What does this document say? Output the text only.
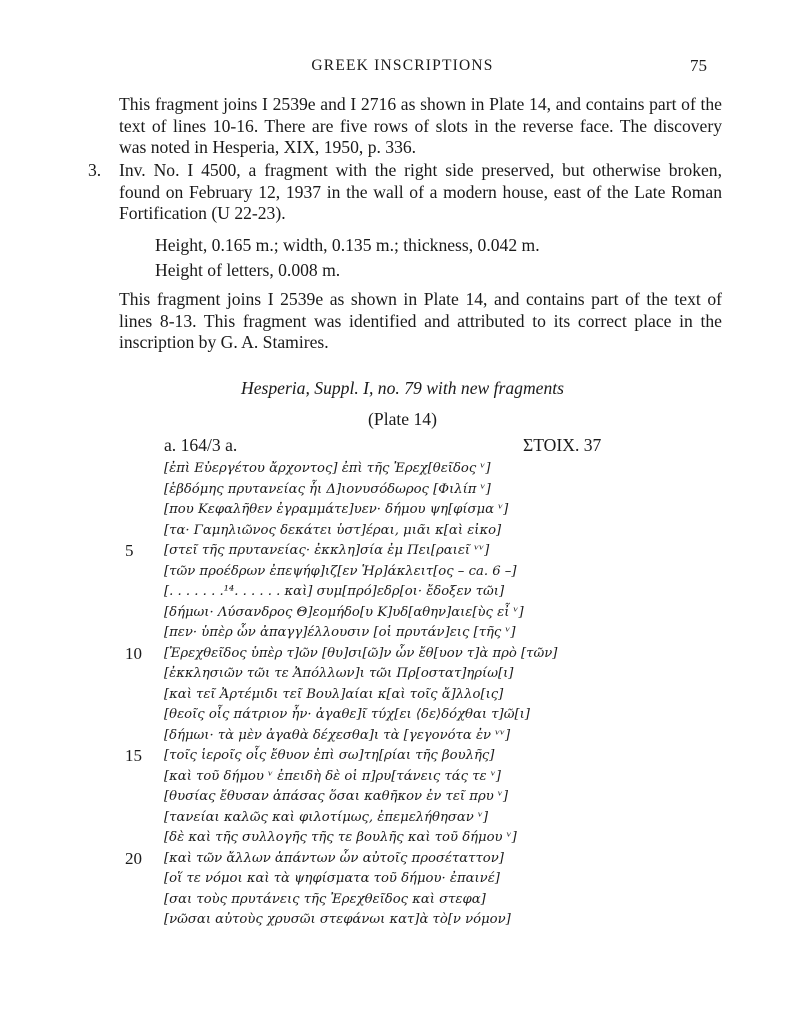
GREEK INSCRIPTIONS	75
This fragment joins I 2539e and I 2716 as shown in Plate 14, and contains part of the text of lines 10-16. There are five rows of slots in the reverse face. The discovery was noted in Hesperia, XIX, 1950, p. 336.
3. Inv. No. I 4500, a fragment with the right side preserved, but otherwise broken, found on February 12, 1937 in the wall of a modern house, east of the Late Roman Fortification (U 22-23).
Height, 0.165 m.; width, 0.135 m.; thickness, 0.042 m.
Height of letters, 0.008 m.
This fragment joins I 2539e as shown in Plate 14, and contains part of the text of lines 8-13. This fragment was identified and attributed to its correct place in the inscription by G. A. Stamires.
Hesperia, Suppl. I, no. 79 with new fragments
(Plate 14)
a. 164/3 a.	ΣΤΟΙΧ. 37
5
10
15
20
[ἐπὶ Εὐεργέτου ἄρχοντος] ἐπὶ τῆς Ἐρεχ[θεῖδος ᵛ]
[ἑβδόμης πρυτανείας ἧι Δ]ιονυσόδωρος [Φιλίπ ᵛ]
[που Κεφαλῆθεν ἐγραμμάτε]υεν· δήμου ψη[φίσμα ᵛ]
[τα· Γαμηλιῶνος δεκάτει ὑστ]έραι, μιᾶι κ[αὶ εἰκο]
[στεῖ τῆς πρυτανείας· ἐκκλη]σία ἐμ Πει[ραιεῖ ᵛᵛ]
[τῶν προέδρων ἐπεψήφ]ιζ[εν Ἡρ]άκλειτ[ος – ca. 6 –]
[. . . . . . .¹⁴. . . . . . καὶ] συμ[πρό]εδρ[οι· ἔδοξεν τῶι]
[δήμωι· Λύσανδρος Θ]εομήδο[υ Κ]υδ[αθην]αιε[ὺς εἶ ᵛ]
[πεν· ὑπὲρ ὧν ἀπαγγ]έλλουσιν [οἱ πρυτάν]εις [τῆς ᵛ]
[Ἐρεχθεῖδος ὑπὲρ τ]ῶν [θυ]σι[ῶ]ν ὧν ἔθ[υον τ]ὰ πρὸ [τῶν]
[ἐκκλησιῶν τῶι τε Ἀπόλλων]ι τῶι Πρ[οστατ]ηρίω[ι]
[καὶ τεῖ Ἀρτέμιδι τεῖ Βουλ]αίαι κ[αὶ τοῖς ἄ]λλο[ις]
[θεοῖς οἷς πάτριον ἦν· ἀγαθε]ῖ τύχ[ει ⟨δε⟩δόχθαι τ]ῶ[ι]
[δήμωι· τὰ μὲν ἀγαθὰ δέχεσθα]ι τὰ [γεγονότα ἐν ᵛᵛ]
[τοῖς ἱεροῖς οἷς ἔθυον ἐπὶ σω]τη[ρίαι τῆς βουλῆς]
[καὶ τοῦ δήμου ᵛ ἐπειδὴ δὲ οἱ π]ρυ[τάνεις τάς τε ᵛ]
[θυσίας ἔθυσαν ἁπάσας ὅσαι καθῆκον ἐν τεῖ πρυ ᵛ]
[τανείαι καλῶς καὶ φιλοτίμως, ἐπεμελήθησαν ᵛ]
[δὲ καὶ τῆς συλλογῆς τῆς τε βουλῆς καὶ τοῦ δήμου ᵛ]
[καὶ τῶν ἄλλων ἁπάντων ὧν αὐτοῖς προσέταττον]
[οἵ τε νόμοι καὶ τὰ ψηφίσματα τοῦ δήμου· ἐπαινέ]
[σαι τοὺς πρυτάνεις τῆς Ἐρεχθεῖδος καὶ στεφα]
[νῶσαι αὐτοὺς χρυσῶι στεφάνωι κατ]ὰ τὸ[ν νόμον]
